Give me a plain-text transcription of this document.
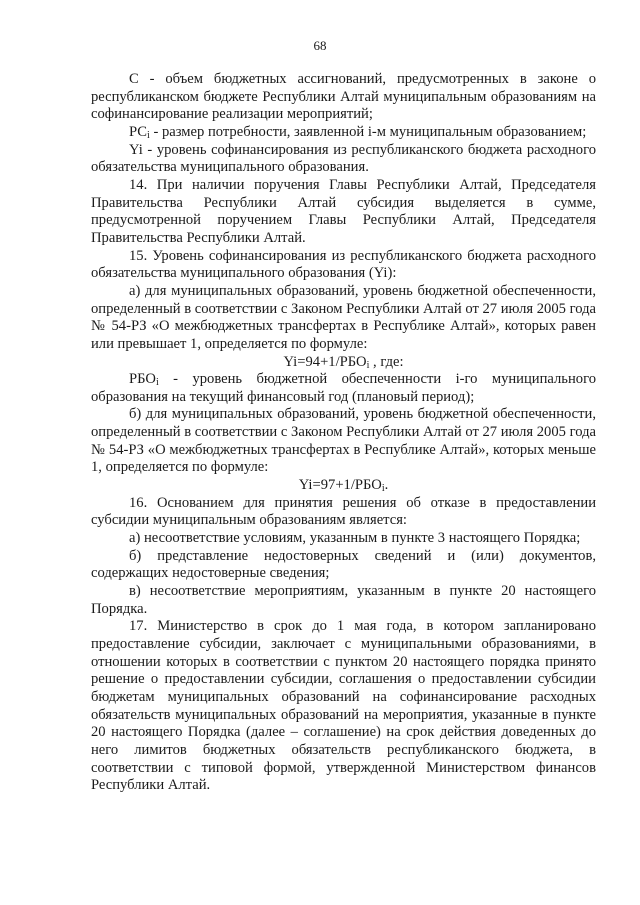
68

С - объем бюджетных ассигнований, предусмотренных в законе о республиканском бюджете Республики Алтай муниципальным образованиям на софинансирование реализации мероприятий;

$РС_i$ - размер потребности, заявленной i-м муниципальным образованием;

Yi - уровень софинансирования из республиканского бюджета расходного обязательства муниципального образования.

14. При наличии поручения Главы Республики Алтай, Председателя Правительства Республики Алтай субсидия выделяется в сумме, предусмотренной поручением Главы Республики Алтай, Председателя Правительства Республики Алтай.

15. Уровень софинансирования из республиканского бюджета расходного обязательства муниципального образования (Yi):

а) для муниципальных образований, уровень бюджетной обеспеченности, определенный в соответствии с Законом Республики Алтай от 27 июля 2005 года № 54-РЗ «О межбюджетных трансфертах в Республике Алтай», которых равен или превышает 1, определяется по формуле:

$Yi=94+1/РБО_i$ , где:

$РБО_i$ - уровень бюджетной обеспеченности i-го муниципального образования на текущий финансовый год (плановый период);

б) для муниципальных образований, уровень бюджетной обеспеченности, определенный в соответствии с Законом Республики Алтай от 27 июля 2005 года № 54-РЗ «О межбюджетных трансфертах в Республике Алтай», которых меньше 1, определяется по формуле:

$Yi=97+1/РБО_i$.

16. Основанием для принятия решения об отказе в предоставлении субсидии муниципальным образованиям является:

а) несоответствие условиям, указанным в пункте 3 настоящего Порядка;

б) представление недостоверных сведений и (или) документов, содержащих недостоверные сведения;

в) несоответствие мероприятиям, указанным в пункте 20 настоящего Порядка.

17. Министерство в срок до 1 мая года, в котором запланировано предоставление субсидии, заключает с муниципальными образованиями, в отношении которых в соответствии с пунктом 20 настоящего порядка принято решение о предоставлении субсидии, соглашения о предоставлении субсидии бюджетам муниципальных образований на софинансирование расходных обязательств муниципальных образований на мероприятия, указанные в пункте 20 настоящего Порядка (далее – соглашение) на срок действия доведенных до него лимитов бюджетных обязательств республиканского бюджета, в соответствии с типовой формой, утвержденной Министерством финансов Республики Алтай.
